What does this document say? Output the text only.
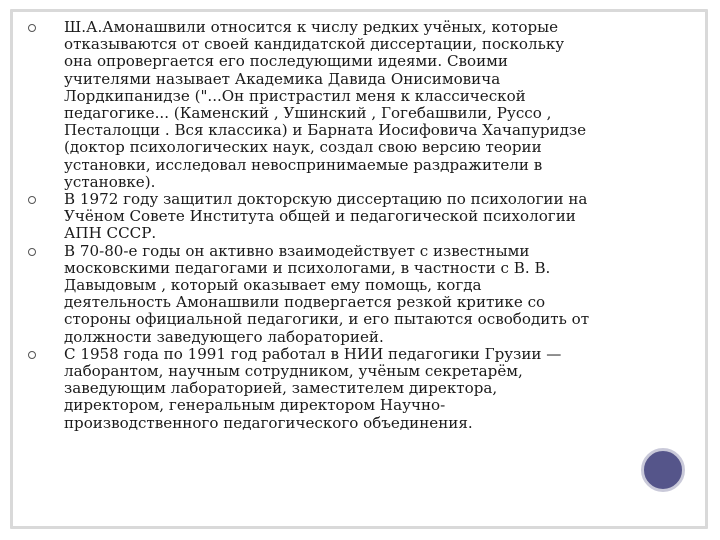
Ш.А.Амонашвили относится к числу редких учёных, которые
отказываются от своей кандидатской диссертации, поскольку
она опровергается его последующими идеями. Своими
учителями называет Академика Давида Онисимовича
Лордкипанидзе ("...Он пристрастил меня к классической
педагогике... (Каменский , Ушинский , Гогебашвили, Руссо ,
Песталоцци . Вся классика) и Барната Иосифовича Хачапуридзе
(доктор психологических наук, создал свою версию теории
установки, исследовал невоспринимаемые раздражители в
установке).
В 1972 году защитил докторскую диссертацию по психологии на
Учёном Совете Института общей и педагогической психологии
АПН СССР.
В 70-80-е годы он активно взаимодействует с известными
московскими педагогами и психологами, в частности с В. В.
Давыдовым , который оказывает ему помощь, когда
деятельность Амонашвили подвергается резкой критике со
стороны официальной педагогики, и его пытаются освободить от
должности заведующего лабораторией.
С 1958 года по 1991 год работал в НИИ педагогики Грузии —
лаборантом, научным сотрудником, учёным секретарём,
заведующим лабораторией, заместителем директора,
директором, генеральным директором Научно-
производственного педагогического объединения.
